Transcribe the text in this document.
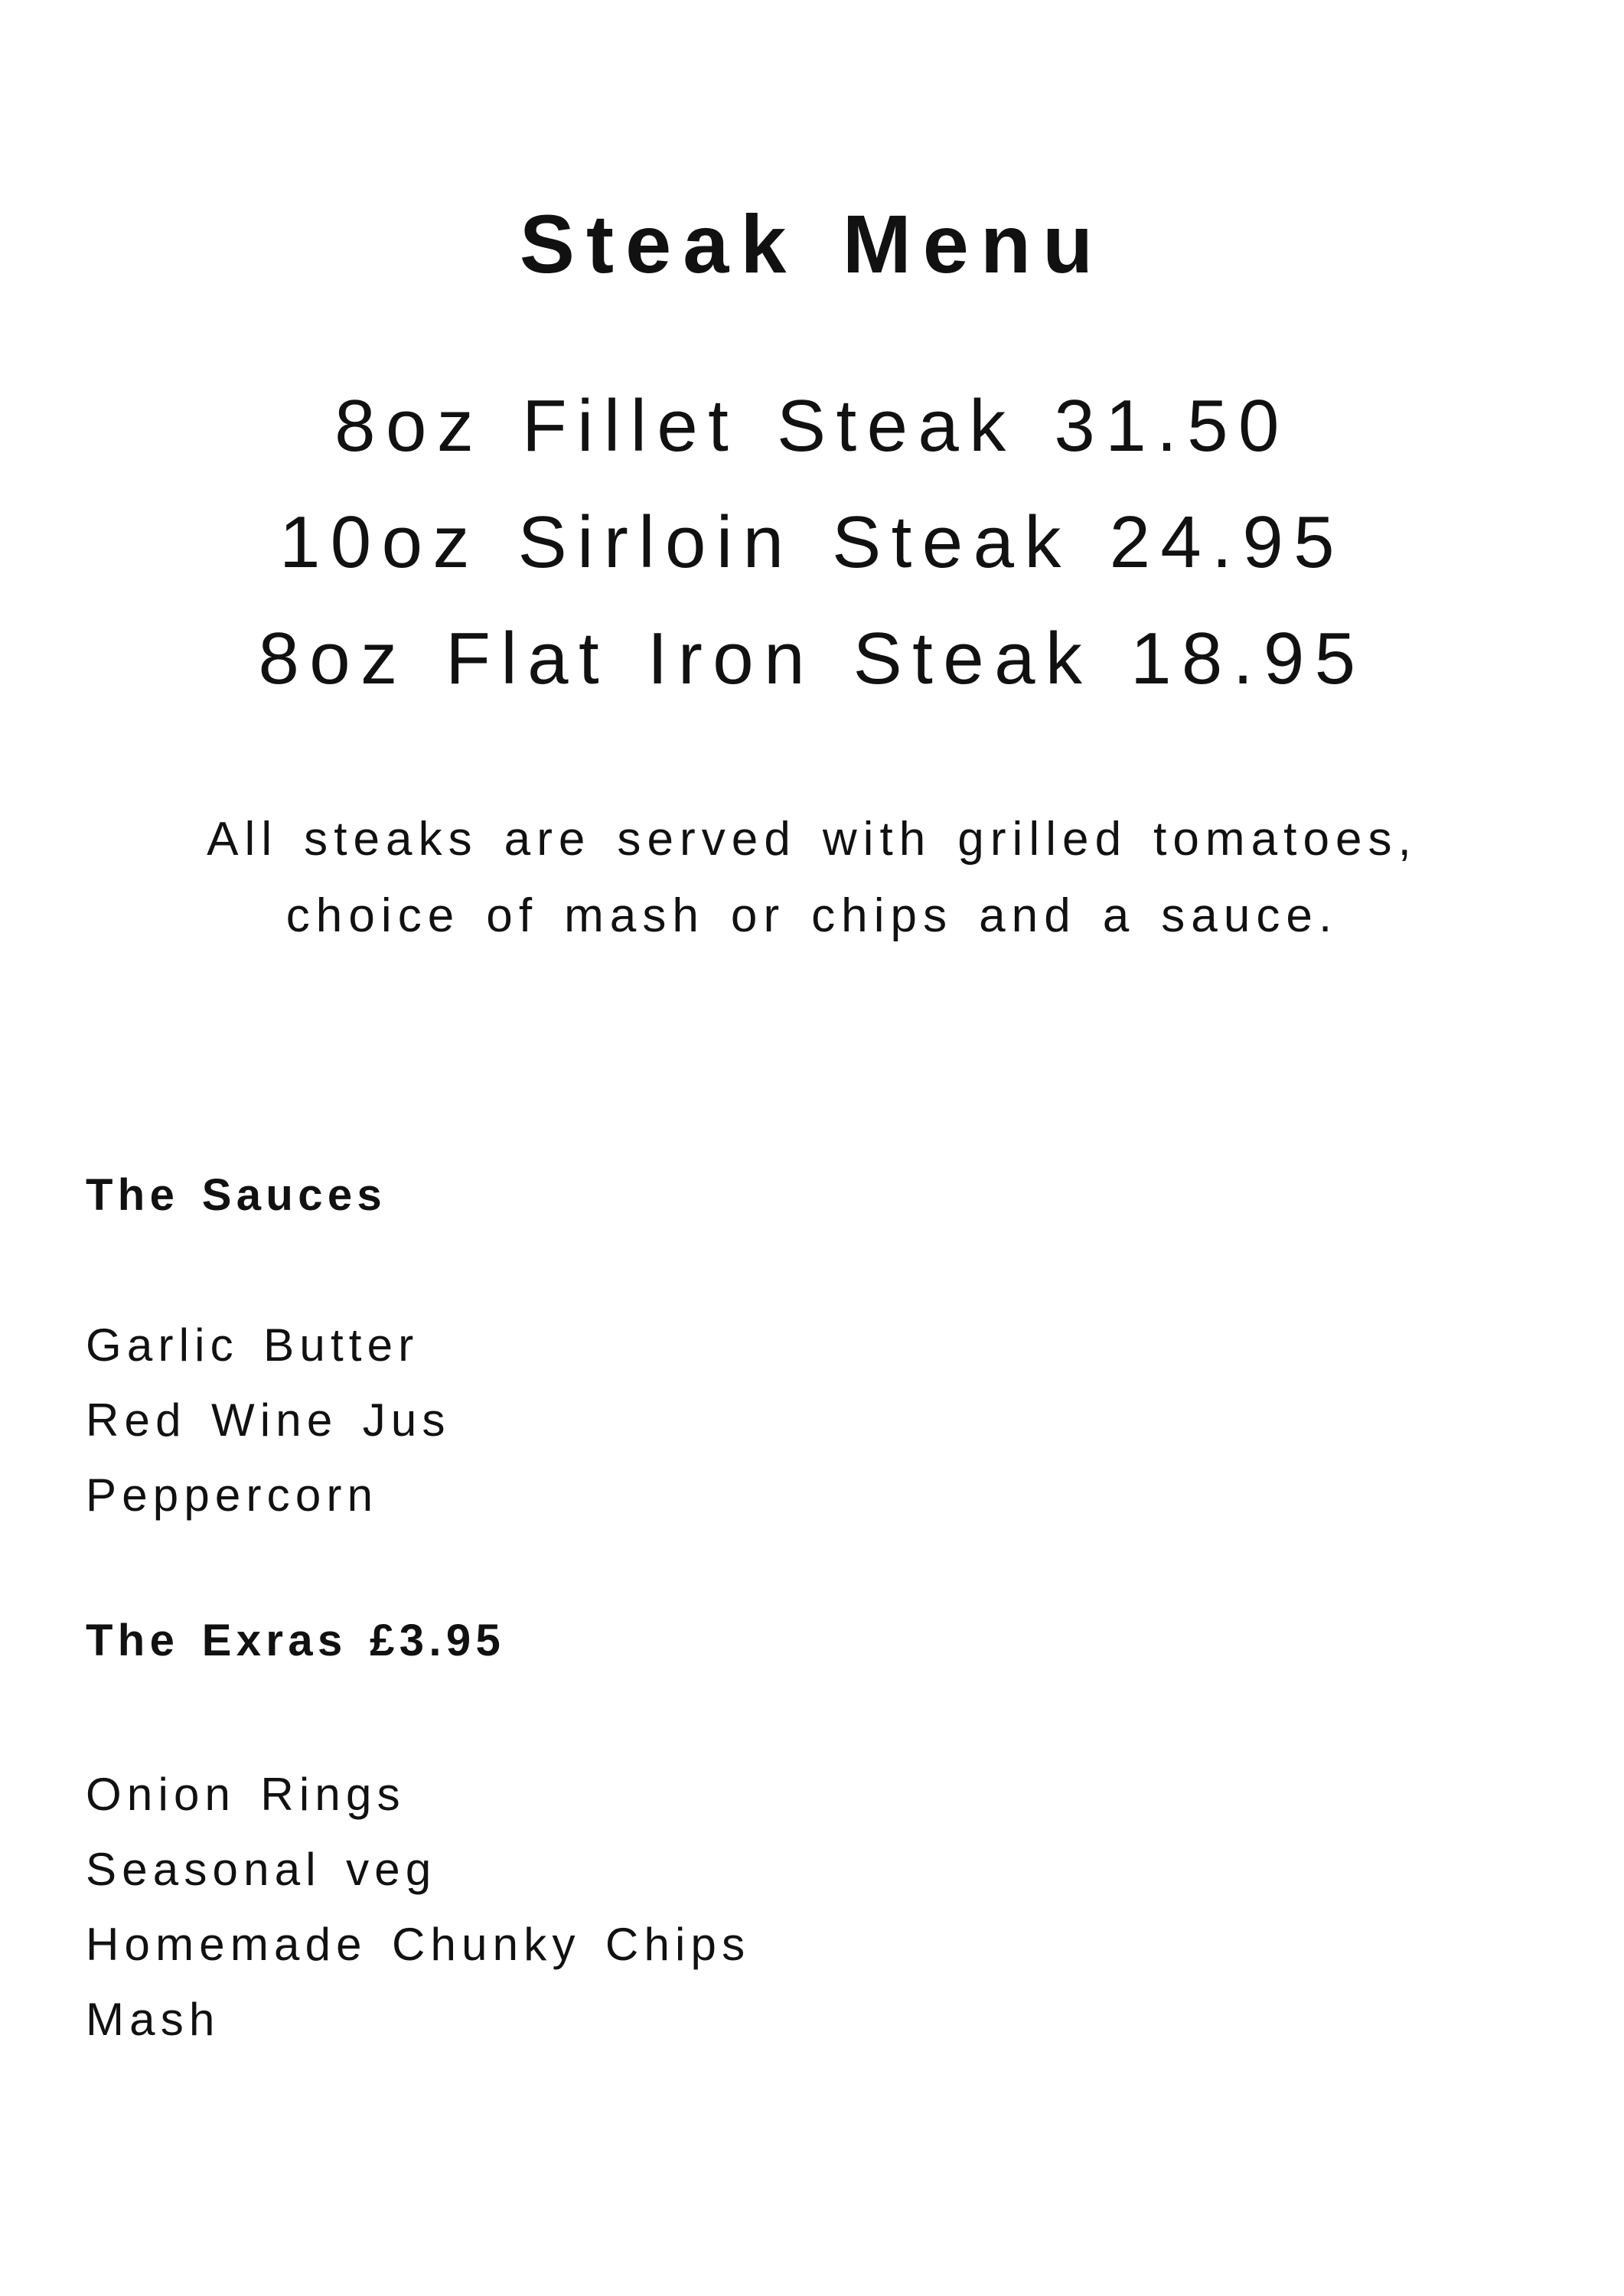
Steak Menu
8oz Fillet Steak 31.50
10oz Sirloin Steak 24.95
8oz Flat Iron Steak 18.95
All steaks are served with grilled tomatoes,
choice of mash or chips and a sauce.
The Sauces
Garlic Butter
Red Wine Jus
Peppercorn
The Exras £3.95
Onion Rings
Seasonal veg
Homemade Chunky Chips
Mash
